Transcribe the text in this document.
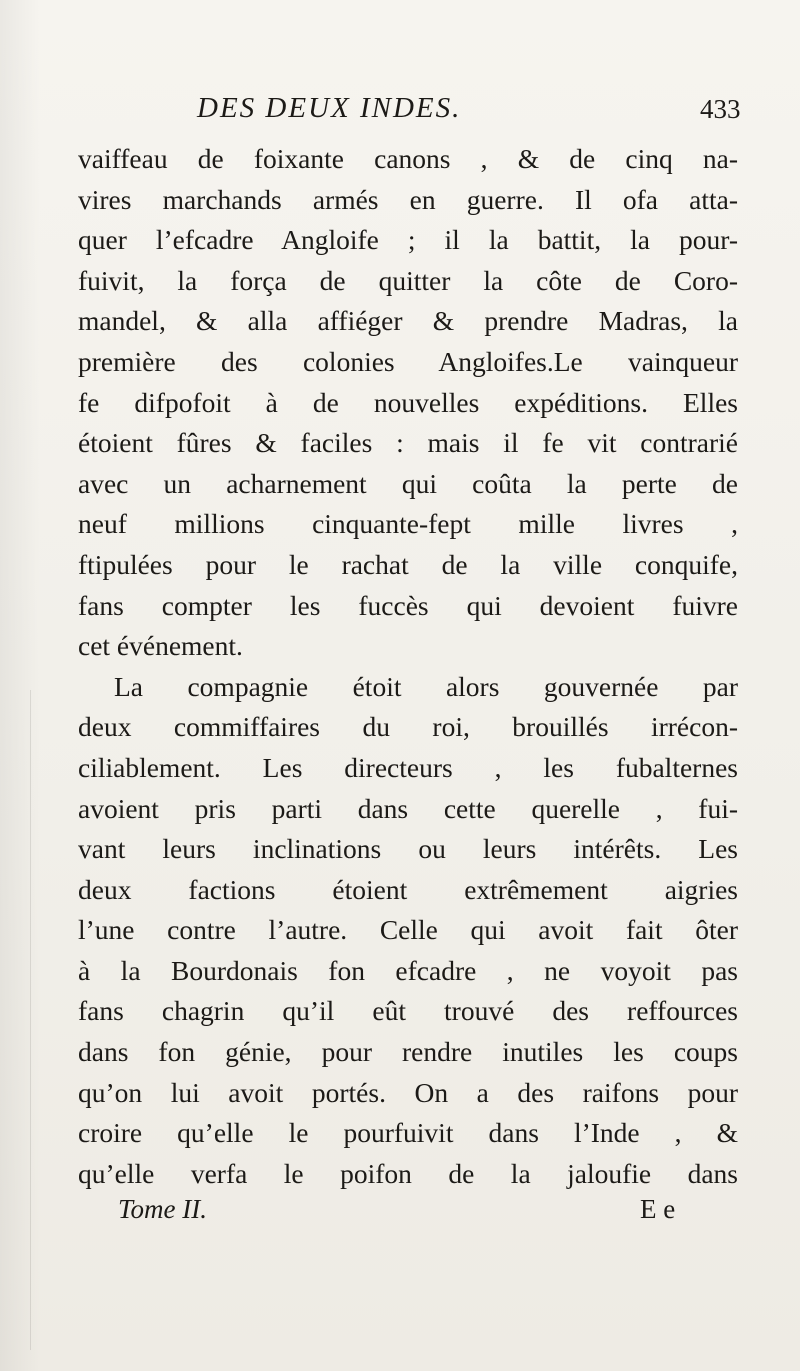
DES DEUX INDES.	433
vaiffeau de foixante canons , & de cinq na-
vires marchands armés en guerre. Il ofa atta-
quer l’efcadre Angloife ; il la battit, la pour-
fuivit, la força de quitter la côte de Coro-
mandel, & alla affiéger & prendre Madras, la
première des colonies Angloifes.Le vainqueur
fe difpofoit à de nouvelles expéditions. Elles
étoient fûres & faciles : mais il fe vit contrarié
avec un acharnement qui coûta la perte de
neuf millions cinquante-fept mille livres ,
ftipulées pour le rachat de la ville conquife,
fans compter les fuccès qui devoient fuivre
cet événement.
La compagnie étoit alors gouvernée par
deux commiffaires du roi, brouillés irrécon-
ciliablement. Les directeurs , les fubalternes
avoient pris parti dans cette querelle , fui-
vant leurs inclinations ou leurs intérêts. Les
deux factions étoient extrêmement aigries
l’une contre l’autre. Celle qui avoit fait ôter
à la Bourdonais fon efcadre , ne voyoit pas
fans chagrin qu’il eût trouvé des reffources
dans fon génie, pour rendre inutiles les coups
qu’on lui avoit portés. On a des raifons pour
croire qu’elle le pourfuivit dans l’Inde , &
qu’elle verfa le poifon de la jaloufie dans
Tome II.	E e
